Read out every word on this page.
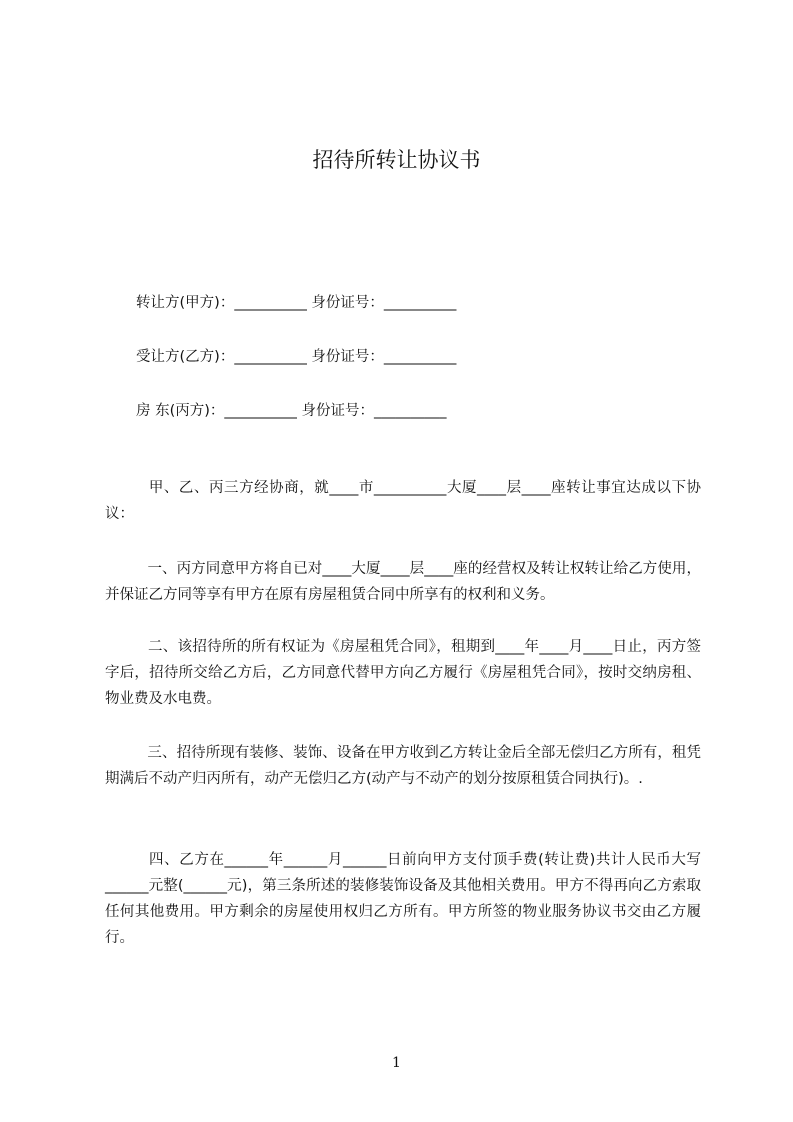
招待所转让协议书

转让方(甲方)：__________ 身份证号：__________

受让方(乙方)：__________ 身份证号：__________

房 东(丙方)：__________ 身份证号：__________

甲、乙、丙三方经协商，就____市__________大厦____层____座转让事宜达成以下协议：

一、丙方同意甲方将自已对____大厦____层____座的经营权及转让权转让给乙方使用，并保证乙方同等享有甲方在原有房屋租赁合同中所享有的权利和义务。

二、该招待所的所有权证为《房屋租凭合同》，租期到____年____月____日止，丙方签字后，招待所交给乙方后，乙方同意代替甲方向乙方履行《房屋租凭合同》，按时交纳房租、物业费及水电费。

三、招待所现有装修、装饰、设备在甲方收到乙方转让金后全部无偿归乙方所有，租凭期满后不动产归丙所有，动产无偿归乙方(动产与不动产的划分按原租赁合同执行)。.

四、乙方在______年______月______日前向甲方支付顶手费(转让费)共计人民币大写______元整(______元)，第三条所述的装修装饰设备及其他相关费用。甲方不得再向乙方索取任何其他费用。甲方剩余的房屋使用权归乙方所有。甲方所签的物业服务协议书交由乙方履行。

1
